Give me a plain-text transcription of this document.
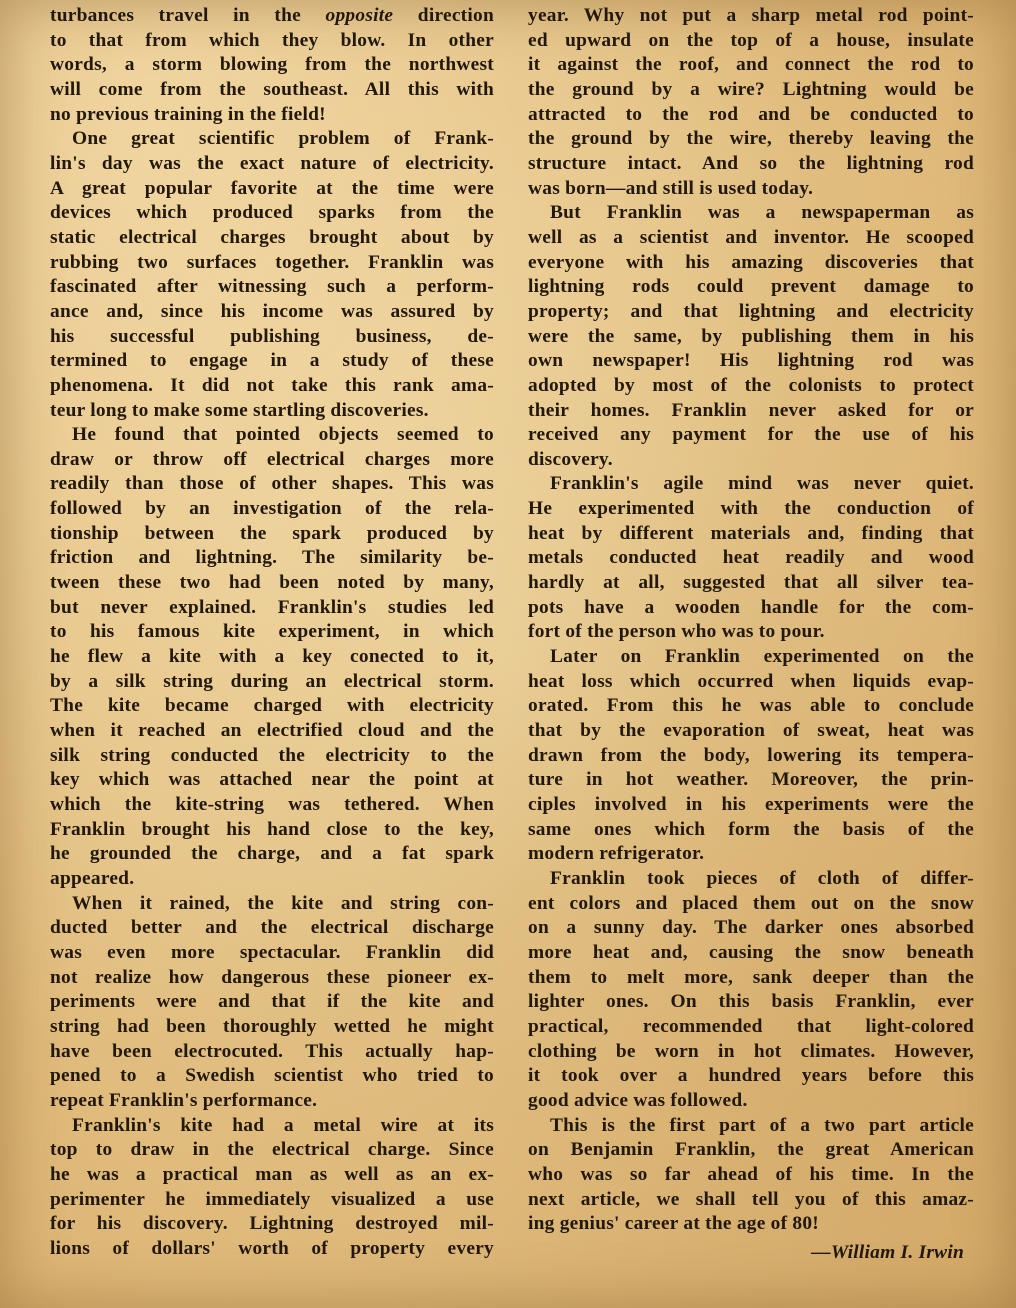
turbances travel in the opposite direction
to that from which they blow. In other
words, a storm blowing from the northwest
will come from the southeast. All this with
no previous training in the field!
One great scientific problem of Frank-
lin's day was the exact nature of electricity.
A great popular favorite at the time were
devices which produced sparks from the
static electrical charges brought about by
rubbing two surfaces together. Franklin was
fascinated after witnessing such a perform-
ance and, since his income was assured by
his successful publishing business, de-
termined to engage in a study of these
phenomena. It did not take this rank ama-
teur long to make some startling discoveries.
He found that pointed objects seemed to
draw or throw off electrical charges more
readily than those of other shapes. This was
followed by an investigation of the rela-
tionship between the spark produced by
friction and lightning. The similarity be-
tween these two had been noted by many,
but never explained. Franklin's studies led
to his famous kite experiment, in which
he flew a kite with a key conected to it,
by a silk string during an electrical storm.
The kite became charged with electricity
when it reached an electrified cloud and the
silk string conducted the electricity to the
key which was attached near the point at
which the kite-string was tethered. When
Franklin brought his hand close to the key,
he grounded the charge, and a fat spark
appeared.
When it rained, the kite and string con-
ducted better and the electrical discharge
was even more spectacular. Franklin did
not realize how dangerous these pioneer ex-
periments were and that if the kite and
string had been thoroughly wetted he might
have been electrocuted. This actually hap-
pened to a Swedish scientist who tried to
repeat Franklin's performance.
Franklin's kite had a metal wire at its
top to draw in the electrical charge. Since
he was a practical man as well as an ex-
perimenter he immediately visualized a use
for his discovery. Lightning destroyed mil-
lions of dollars' worth of property every
year. Why not put a sharp metal rod point-
ed upward on the top of a house, insulate
it against the roof, and connect the rod to
the ground by a wire? Lightning would be
attracted to the rod and be conducted to
the ground by the wire, thereby leaving the
structure intact. And so the lightning rod
was born—and still is used today.
But Franklin was a newspaperman as
well as a scientist and inventor. He scooped
everyone with his amazing discoveries that
lightning rods could prevent damage to
property; and that lightning and electricity
were the same, by publishing them in his
own newspaper! His lightning rod was
adopted by most of the colonists to protect
their homes. Franklin never asked for or
received any payment for the use of his
discovery.
Franklin's agile mind was never quiet.
He experimented with the conduction of
heat by different materials and, finding that
metals conducted heat readily and wood
hardly at all, suggested that all silver tea-
pots have a wooden handle for the com-
fort of the person who was to pour.
Later on Franklin experimented on the
heat loss which occurred when liquids evap-
orated. From this he was able to conclude
that by the evaporation of sweat, heat was
drawn from the body, lowering its tempera-
ture in hot weather. Moreover, the prin-
ciples involved in his experiments were the
same ones which form the basis of the
modern refrigerator.
Franklin took pieces of cloth of differ-
ent colors and placed them out on the snow
on a sunny day. The darker ones absorbed
more heat and, causing the snow beneath
them to melt more, sank deeper than the
lighter ones. On this basis Franklin, ever
practical, recommended that light-colored
clothing be worn in hot climates. However,
it took over a hundred years before this
good advice was followed.
This is the first part of a two part article
on Benjamin Franklin, the great American
who was so far ahead of his time. In the
next article, we shall tell you of this amaz-
ing genius' career at the age of 80!
—William I. Irwin
